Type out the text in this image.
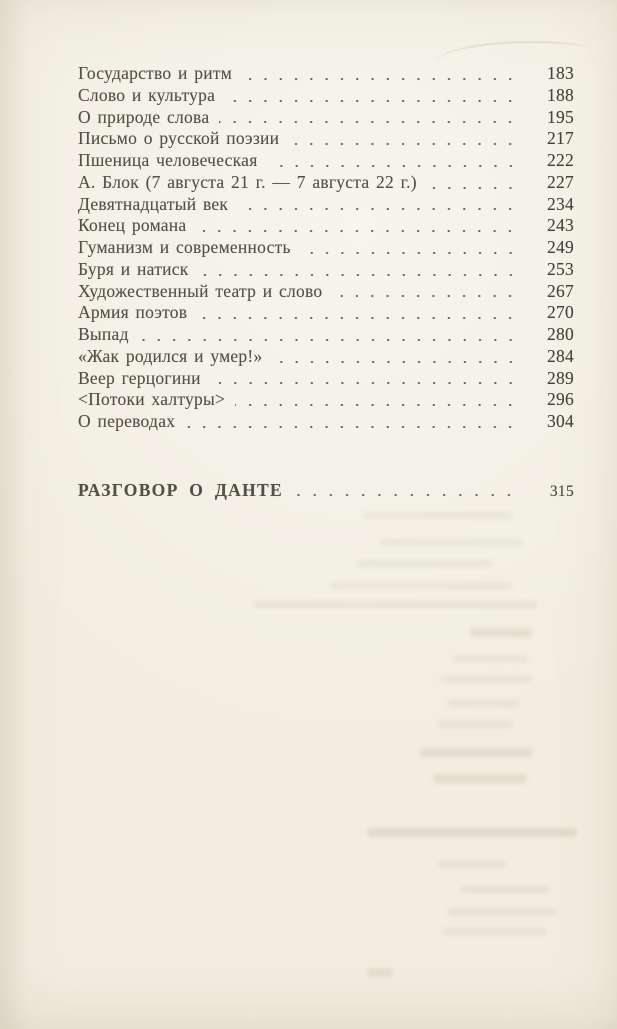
Государство и ритм	183
Слово и культура	188
О природе слова	195
Письмо о русской поэзии	217
Пшеница человеческая	222
А. Блок (7 августа 21 г. — 7 августа 22 г.)	227
Девятнадцатый век	234
Конец романа	243
Гуманизм и современность	249
Буря и натиск	253
Художественный театр и слово	267
Армия поэтов	270
Выпад	280
«Жак родился и умер!»	284
Веер герцогини	289
<Потоки халтуры>	296
О переводах	304
РАЗГОВОР О ДАНТЕ	315
